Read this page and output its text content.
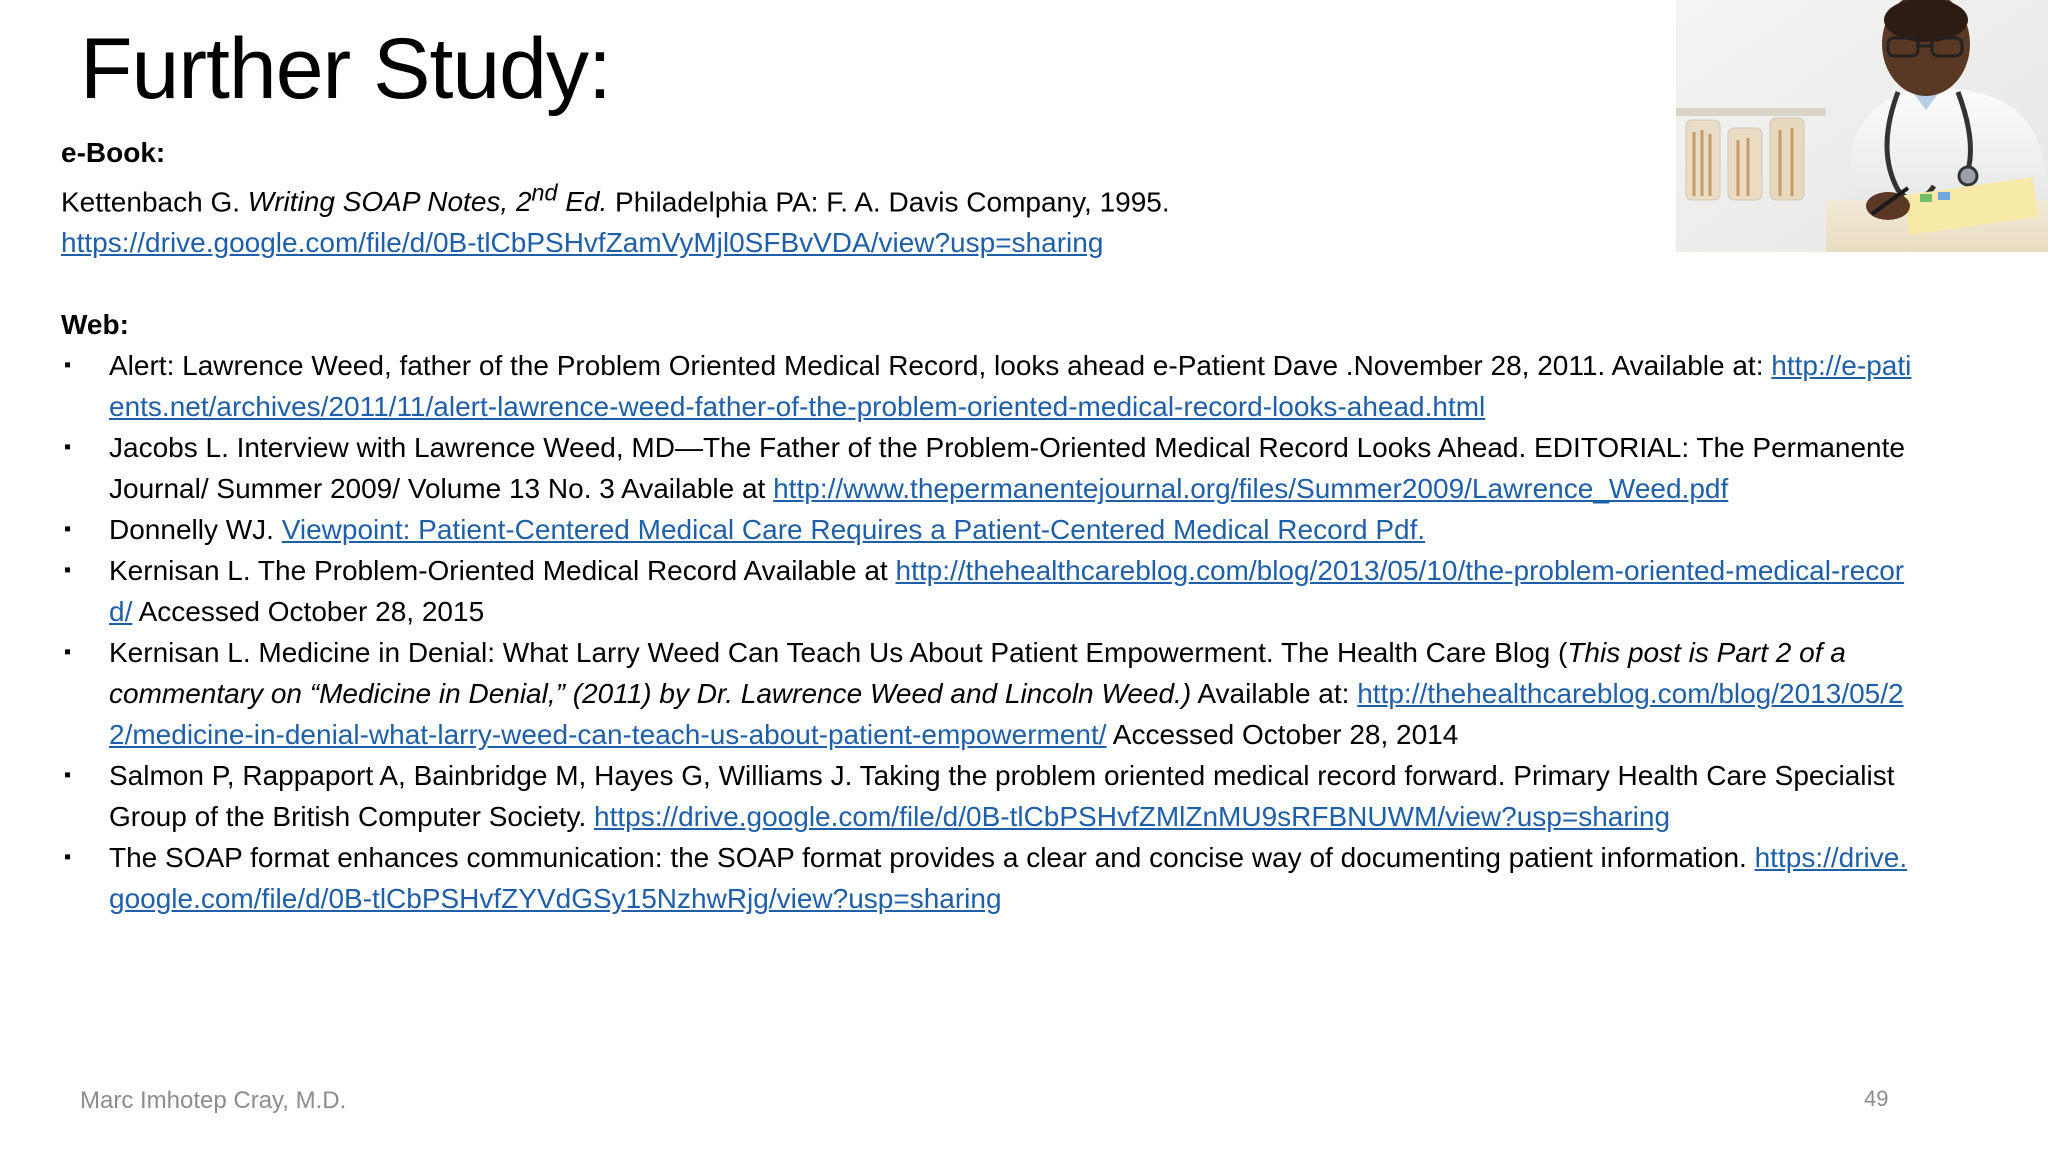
Further Study:

e-Book:

Kettenbach G. Writing SOAP Notes, 2nd Ed. Philadelphia PA: F. A. Davis Company, 1995.

https://drive.google.com/file/d/0B-tlCbPSHvfZamVyMjl0SFBvVDA/view?usp=sharing

Web:

▪ Alert: Lawrence Weed, father of the Problem Oriented Medical Record, looks ahead e-Patient Dave .November 28, 2011. Available at: http://e-patients.net/archives/2011/11/alert-lawrence-weed-father-of-the-problem-oriented-medical-record-looks-ahead.html
▪ Jacobs L. Interview with Lawrence Weed, MD—The Father of the Problem-Oriented Medical Record Looks Ahead. EDITORIAL: The Permanente Journal/ Summer 2009/ Volume 13 No. 3 Available at http://www.thepermanentejournal.org/files/Summer2009/Lawrence_Weed.pdf
▪ Donnelly WJ. Viewpoint: Patient-Centered Medical Care Requires a Patient-Centered Medical Record Pdf.
▪ Kernisan L. The Problem-Oriented Medical Record Available at http://thehealthcareblog.com/blog/2013/05/10/the-problem-oriented-medical-record/ Accessed October 28, 2015
▪ Kernisan L. Medicine in Denial: What Larry Weed Can Teach Us About Patient Empowerment. The Health Care Blog (This post is Part 2 of a commentary on “Medicine in Denial,” (2011) by Dr. Lawrence Weed and Lincoln Weed.) Available at: http://thehealthcareblog.com/blog/2013/05/22/medicine-in-denial-what-larry-weed-can-teach-us-about-patient-empowerment/ Accessed October 28, 2014
▪ Salmon P, Rappaport A, Bainbridge M, Hayes G, Williams J. Taking the problem oriented medical record forward. Primary Health Care Specialist Group of the British Computer Society. https://drive.google.com/file/d/0B-tlCbPSHvfZMlZnMU9sRFBNUWM/view?usp=sharing
▪ The SOAP format enhances communication: the SOAP format provides a clear and concise way of documenting patient information. https://drive.google.com/file/d/0B-tlCbPSHvfZYVdGSy15NzhwRjg/view?usp=sharing
Marc Imhotep Cray, M.D.	49
